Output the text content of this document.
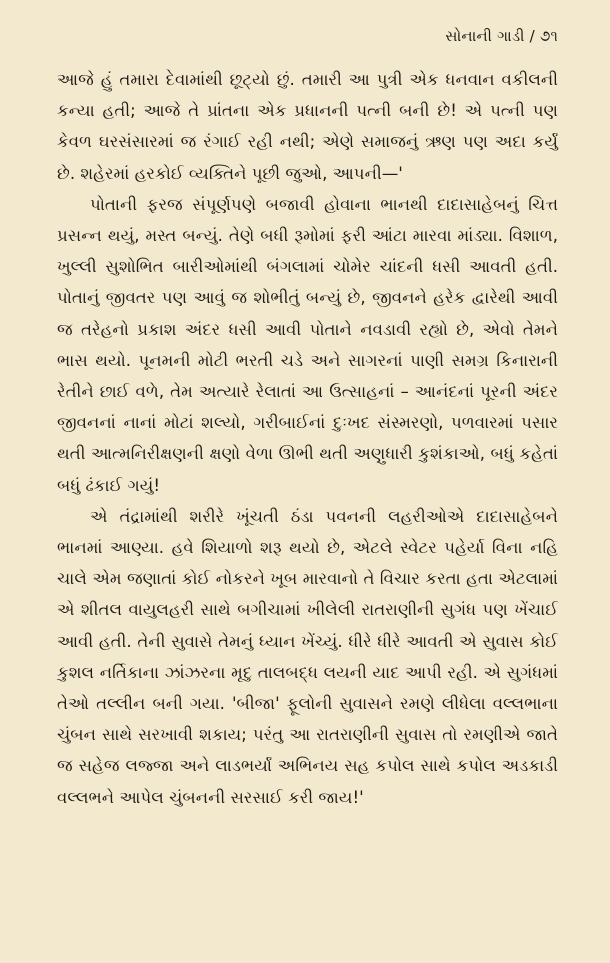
સોનાની ગાડી / ૭૧

આજે હું તમારા દેવામાંથી છૂટ્યો છું. તમારી આ પુત્રી એક ધનવાન વકીલની કન્યા હતી; આજે તે પ્રાંતના એક પ્રધાનની પત્ની બની છે! એ પત્ની પણ કેવળ ઘરસંસારમાં જ રંગાઈ રહી નથી; એણે સમાજનું ઋણ પણ અદા કર્યું છે. શહેરમાં હરકોઈ વ્યક્તિને પૂછી જુઓ, આપની—'

પોતાની ફરજ સંપૂર્ણપણે બજાવી હોવાના ભાનથી દાદાસાહેબનું ચિત્ત પ્રસન્ન થયું, મસ્ત બન્યું. તેણે બધી રૂમોમાં ફરી આંટા મારવા માંડ્યા. વિશાળ, ખુલ્લી સુશોભિત બારીઓમાંથી બંગલામાં ચોમેર ચાંદની ધસી આવતી હતી. પોતાનું જીવતર પણ આવું જ શોભીતું બન્યું છે, જીવનને હરેક દ્વારેથી આવી જ તરેહનો પ્રકાશ અંદર ધસી આવી પોતાને નવડાવી રહ્યો છે, એવો તેમને ભાસ થયો. પૂનમની મોટી ભરતી ચડે અને સાગરનાં પાણી સમગ્ર કિનારાની રેતીને છાઈ વળે, તેમ અત્યારે રેલાતાં આ ઉત્સાહનાં – આનંદનાં પૂરની અંદર જીવનનાં નાનાં મોટાં શલ્યો, ગરીબાઈનાં દુઃખદ સંસ્મરણો, પળવારમાં પસાર થતી આત્મનિરીક્ષણની ક્ષણો વેળા ઊભી થતી અણુધારી કુશંકાઓ, બધું કહેતાં બધું ઢંકાઈ ગયું!

એ તંદ્રામાંથી શરીરે ખૂંચતી ઠંડા પવનની લહરીઓએ દાદાસાહેબને ભાનમાં આણ્યા. હવે શિયાળો શરૂ થયો છે, એટલે સ્વેટર પહેર્યા વિના નહિ ચાલે એમ જણાતાં કોઈ નોકરને ખૂબ મારવાનો તે વિચાર કરતા હતા એટલામાં એ શીતલ વાયુલહરી સાથે બગીચામાં ખીલેલી રાતરાણીની સુગંધ પણ ખેંચાઈ આવી હતી. તેની સુવાસે તેમનું ધ્યાન ખેંચ્યું. ધીરે ધીરે આવતી એ સુવાસ કોઈ કુશલ નર્તિકાના ઝાંઝરના મૃદુ તાલબદ્ધ લયની યાદ આપી રહી. એ સુગંધમાં તેઓ તલ્લીન બની ગયા. 'બીજા' ફૂલોની સુવાસને રમણે લીધેલા વલ્લભાના ચુંબન સાથે સરખાવી શકાય; પરંતુ આ રાતરાણીની સુવાસ તો રમણીએ જાતે જ સહેજ લજ્જા અને લાડભર્યાં અભિનય સહ કપોલ સાથે કપોલ અડકાડી વલ્લભને આપેલ ચુંબનની સરસાઈ કરી જાય!'
